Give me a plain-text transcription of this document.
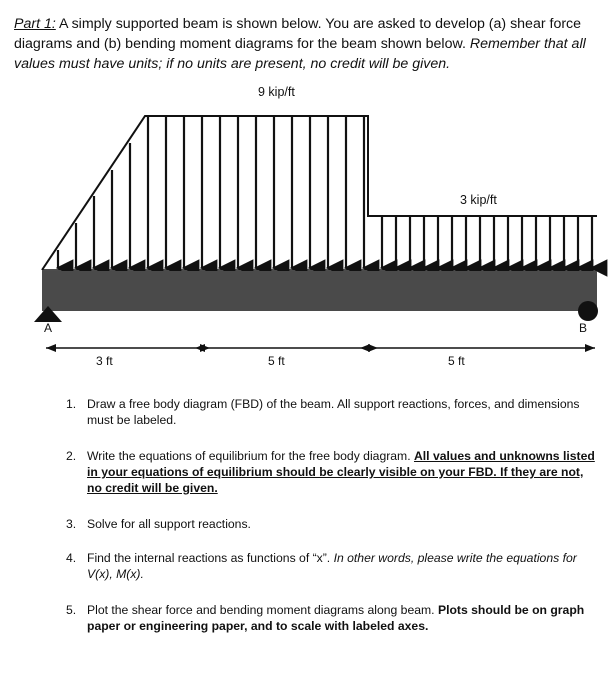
Part 1: A simply supported beam is shown below. You are asked to develop (a) shear force
diagrams and (b) bending moment diagrams for the beam shown below. Remember that all
values must have units; if no units are present, no credit will be given.
9 kip/ft
3 kip/ft
A	B
3 ft	5 ft	5 ft
1. Draw a free body diagram (FBD) of the beam. All support reactions, forces, and dimensions must be labeled.
2. Write the equations of equilibrium for the free body diagram. All values and unknowns listed in your equations of equilibrium should be clearly visible on your FBD. If they are not, no credit will be given.
3. Solve for all support reactions.
4. Find the internal reactions as functions of “x”. In other words, please write the equations for V(x), M(x).
5. Plot the shear force and bending moment diagrams along beam. Plots should be on graph paper or engineering paper, and to scale with labeled axes.
